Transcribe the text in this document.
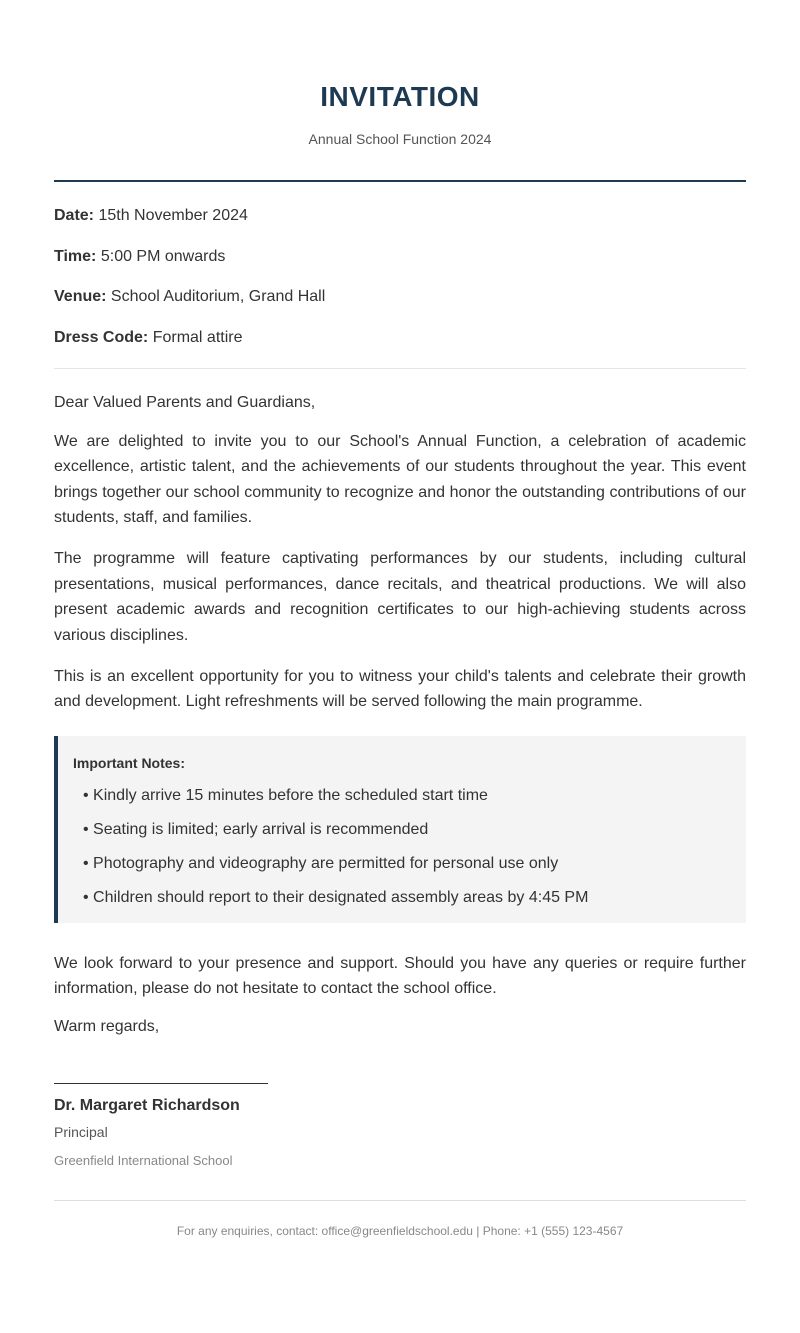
INVITATION
Annual School Function 2024
Date: 15th November 2024
Time: 5:00 PM onwards
Venue: School Auditorium, Grand Hall
Dress Code: Formal attire

Dear Valued Parents and Guardians,

We are delighted to invite you to our School's Annual Function, a celebration of academic excellence, artistic talent, and the achievements of our students throughout the year. This event brings together our school community to recognize and honor the outstanding contributions of our students, staff, and families.

The programme will feature captivating performances by our students, including cultural presentations, musical performances, dance recitals, and theatrical productions. We will also present academic awards and recognition certificates to our high-achieving students across various disciplines.

This is an excellent opportunity for you to witness your child's talents and celebrate their growth and development. Light refreshments will be served following the main programme.

Important Notes:
• Kindly arrive 15 minutes before the scheduled start time
• Seating is limited; early arrival is recommended
• Photography and videography are permitted for personal use only
• Children should report to their designated assembly areas by 4:45 PM

We look forward to your presence and support. Should you have any queries or require further information, please do not hesitate to contact the school office.

Warm regards,

Dr. Margaret Richardson
Principal
Greenfield International School
For any enquiries, contact: office@greenfieldschool.edu | Phone: +1 (555) 123-4567
